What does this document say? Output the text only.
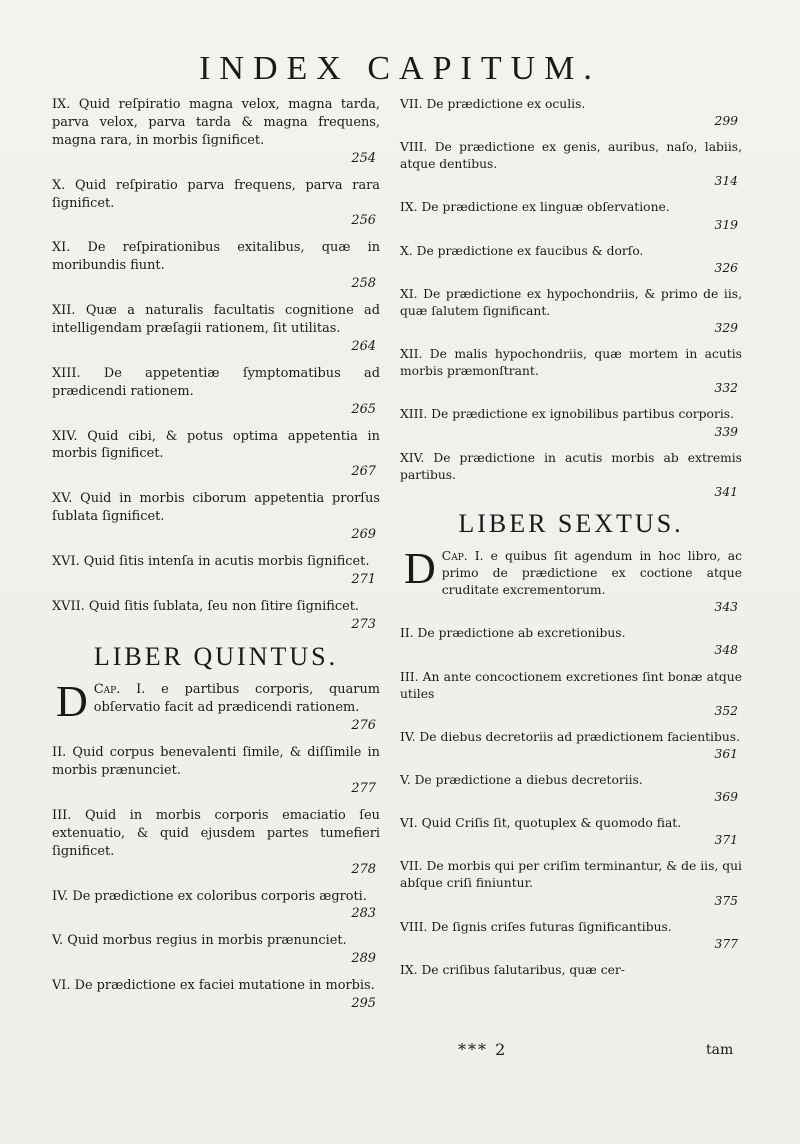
INDEX CAPITUM.

IX. Quid reſpiratio magna velox, magna tarda, parva velox, parva tarda & magna frequens, magna rara, in morbis ſignificet.

254

X. Quid reſpiratio parva frequens, parva rara ſignificet.

256

XI. De reſpirationibus exitalibus, quæ in moribundis fiunt.

258

XII. Quæ a naturalis facultatis cognitione ad intelligendam præſagii rationem, ſit utilitas.

264

XIII. De appetentiæ ſymptomatibus ad prædicendi rationem.

265

XIV. Quid cibi, & potus optima appetentia in morbis ſignificet.

267

XV. Quid in morbis ciborum appetentia prorſus ſublata ſignificet.

269

XVI. Quid ſitis intenſa in acutis morbis ſignificet.

271

XVII. Quid ſitis ſublata, ſeu non ſitire ſignificet.

273
LIBER QUINTUS.

Cap. I.
D	e partibus corporis, quarum obſervatio facit ad prædicendi rationem.

276

II. Quid corpus benevalenti ſimile, & diſſimile in morbis prænunciet.

277

III. Quid in morbis corporis emaciatio ſeu extenuatio, & quid ejusdem partes tumefieri ſignificet.

278

IV. De prædictione ex coloribus corporis ægroti.

283

V. Quid morbus regius in morbis prænunciet.

289

VI. De prædictione ex faciei mutatione in morbis.

295

VII. De prædictione ex oculis.

299

VIII. De prædictione ex genis, auribus, naſo, labiis, atque dentibus.

314

IX. De prædictione ex linguæ obſervatione.

319

X. De prædictione ex faucibus & dorſo.

326

XI. De prædictione ex hypochondriis, & primo de iis, quæ ſalutem ſignificant.

329

XII. De malis hypochondriis, quæ mortem in acutis morbis præmonſtrant.

332

XIII. De prædictione ex ignobilibus partibus corporis.

339

XIV. De prædictione in acutis morbis ab extremis partibus.

341
LIBER SEXTUS.

Cap. I.
D	e quibus ſit agendum in hoc libro, ac primo de prædictione ex coctione atque cruditate excrementorum.

343

II. De prædictione ab excretionibus.

348

III. An ante concoctionem excretiones ſint bonæ atque utiles

352

IV. De diebus decretoriis ad prædictionem facientibus.

361

V. De prædictione a diebus decretoriis.

369

VI. Quid Criſis ſit, quotuplex & quomodo fiat.

371

VII. De morbis qui per criſim terminantur, & de iis, qui abſque criſi finiuntur.

375

VIII. De ſignis criſes futuras ſignificantibus.

377

IX. De criſibus ſalutaribus, quæ cer-

*** 2	tam
